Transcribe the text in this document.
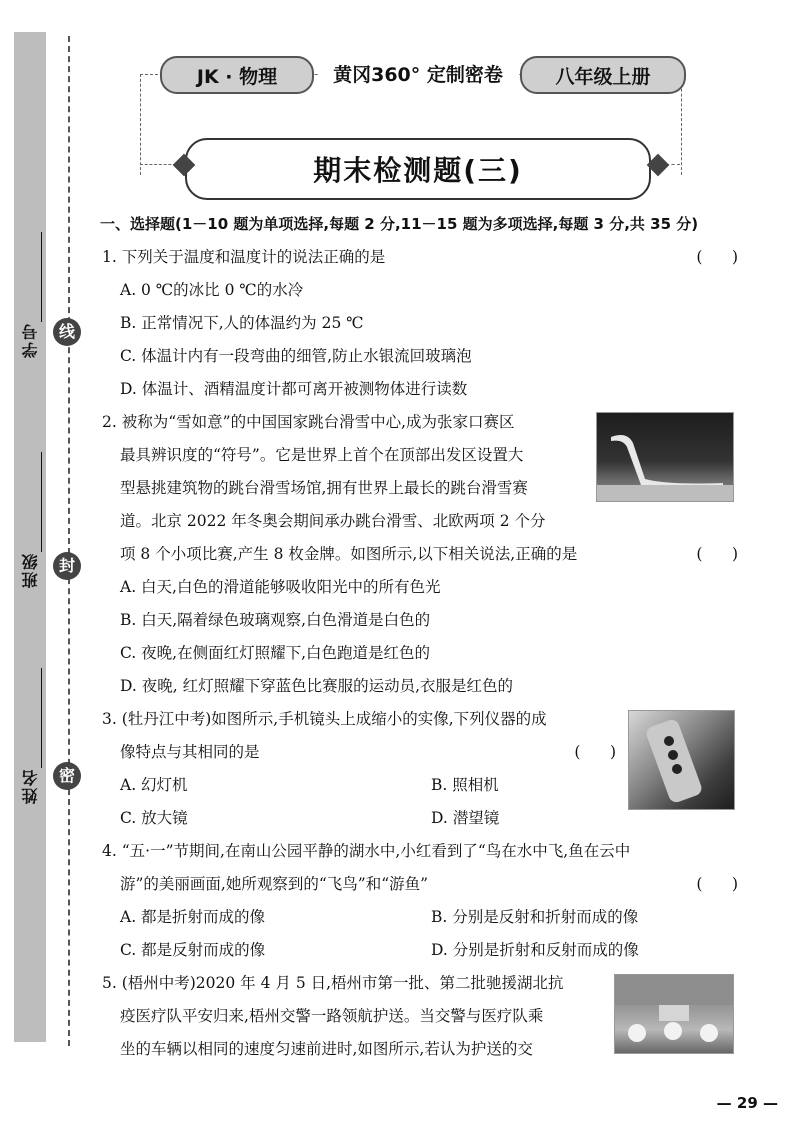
学号
班级
姓名
线
封
密
JK · 物理	黄冈360° 定制密卷	八年级上册
期末检测题(三)
一、选择题(1－10 题为单项选择,每题 2 分,11－15 题为多项选择,每题 3 分,共 35 分)
1. 下列关于温度和温度计的说法正确的是	(      )
A. 0 ℃的冰比 0 ℃的水冷
B. 正常情况下,人的体温约为 25 ℃
C. 体温计内有一段弯曲的细管,防止水银流回玻璃泡
D. 体温计、酒精温度计都可离开被测物体进行读数
2. 被称为“雪如意”的中国国家跳台滑雪中心,成为张家口赛区
最具辨识度的“符号”。它是世界上首个在顶部出发区设置大
型悬挑建筑物的跳台滑雪场馆,拥有世界上最长的跳台滑雪赛
道。北京 2022 年冬奥会期间承办跳台滑雪、北欧两项 2 个分
项 8 个小项比赛,产生 8 枚金牌。如图所示,以下相关说法,正确的是	(      )
A. 白天,白色的滑道能够吸收阳光中的所有色光
B. 白天,隔着绿色玻璃观察,白色滑道是白色的
C. 夜晚,在侧面红灯照耀下,白色跑道是红色的
D. 夜晚, 红灯照耀下穿蓝色比赛服的运动员,衣服是红色的
3. (牡丹江中考)如图所示,手机镜头上成缩小的实像,下列仪器的成
像特点与其相同的是	(      )
A. 幻灯机	B. 照相机
C. 放大镜	D. 潜望镜
4. “五·一”节期间,在南山公园平静的湖水中,小红看到了“鸟在水中飞,鱼在云中
游”的美丽画面,她所观察到的“飞鸟”和“游鱼”	(      )
A. 都是折射而成的像	B. 分别是反射和折射而成的像
C. 都是反射而成的像	D. 分别是折射和反射而成的像
5. (梧州中考)2020 年 4 月 5 日,梧州市第一批、第二批驰援湖北抗
疫医疗队平安归来,梧州交警一路领航护送。当交警与医疗队乘
坐的车辆以相同的速度匀速前进时,如图所示,若认为护送的交
— 29 —
